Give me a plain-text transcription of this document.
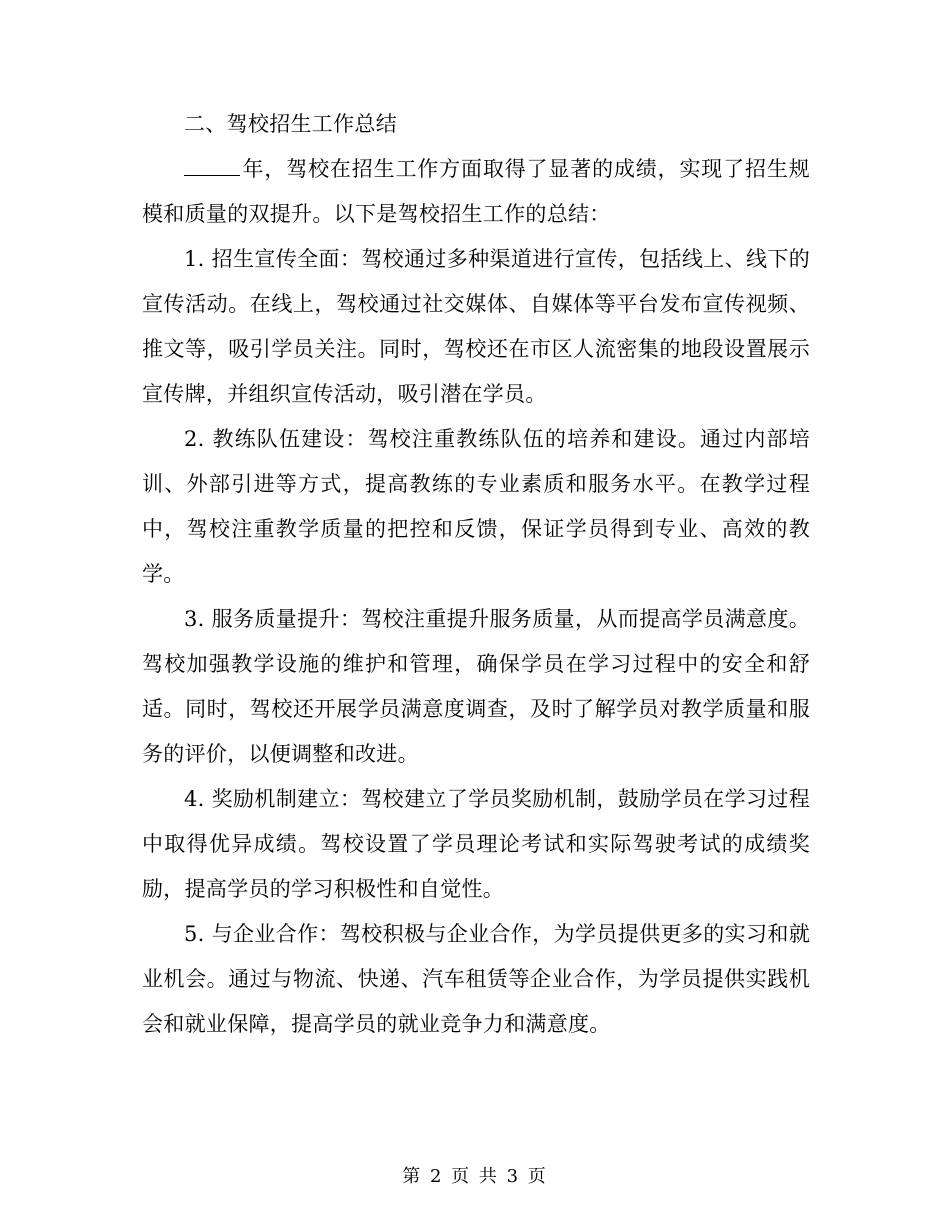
二、驾校招生工作总结

年，驾校在招生工作方面取得了显著的成绩，实现了招生规模和质量的双提升。以下是驾校招生工作的总结：

1. 招生宣传全面：驾校通过多种渠道进行宣传，包括线上、线下的宣传活动。在线上，驾校通过社交媒体、自媒体等平台发布宣传视频、推文等，吸引学员关注。同时，驾校还在市区人流密集的地段设置展示宣传牌，并组织宣传活动，吸引潜在学员。

2. 教练队伍建设：驾校注重教练队伍的培养和建设。通过内部培训、外部引进等方式，提高教练的专业素质和服务水平。在教学过程中，驾校注重教学质量的把控和反馈，保证学员得到专业、高效的教学。

3. 服务质量提升：驾校注重提升服务质量，从而提高学员满意度。驾校加强教学设施的维护和管理，确保学员在学习过程中的安全和舒适。同时，驾校还开展学员满意度调查，及时了解学员对教学质量和服务的评价，以便调整和改进。

4. 奖励机制建立：驾校建立了学员奖励机制，鼓励学员在学习过程中取得优异成绩。驾校设置了学员理论考试和实际驾驶考试的成绩奖励，提高学员的学习积极性和自觉性。

5. 与企业合作：驾校积极与企业合作，为学员提供更多的实习和就业机会。通过与物流、快递、汽车租赁等企业合作，为学员提供实践机会和就业保障，提高学员的就业竞争力和满意度。

第 2 页 共 3 页
